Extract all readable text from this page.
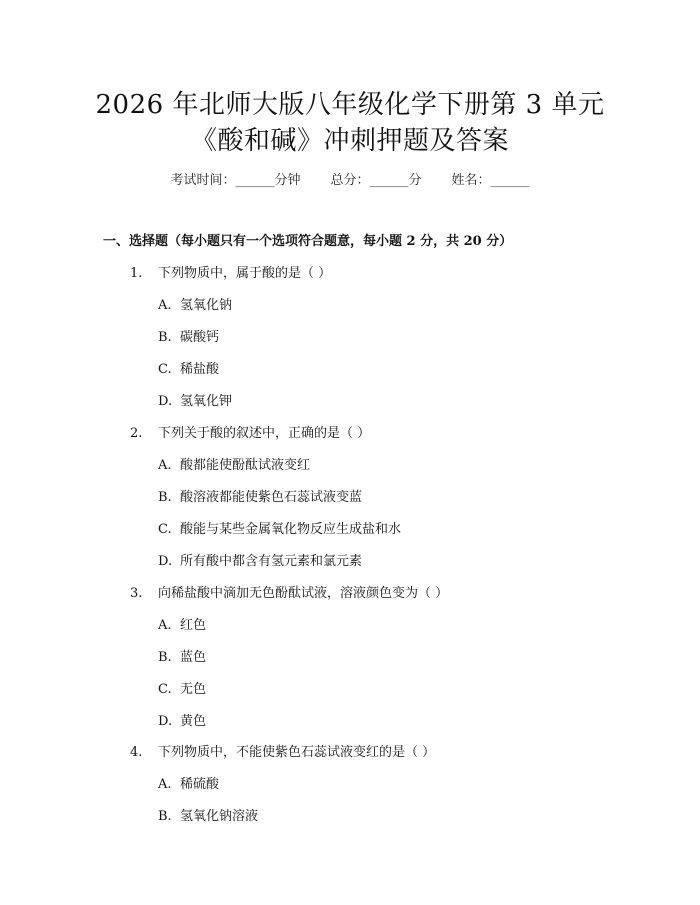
2026 年北师大版八年级化学下册第 3 单元
《酸和碱》冲刺押题及答案
考试时间：______分钟 总分：______分 姓名：______
一、选择题（每小题只有一个选项符合题意，每小题 2 分，共 20 分）
1. 下列物质中，属于酸的是（ ）
A. 氢氧化钠
B. 碳酸钙
C. 稀盐酸
D. 氢氧化钾
2. 下列关于酸的叙述中，正确的是（ ）
A. 酸都能使酚酞试液变红
B. 酸溶液都能使紫色石蕊试液变蓝
C. 酸能与某些金属氧化物反应生成盐和水
D. 所有酸中都含有氢元素和氯元素
3. 向稀盐酸中滴加无色酚酞试液，溶液颜色变为（ ）
A. 红色
B. 蓝色
C. 无色
D. 黄色
4. 下列物质中，不能使紫色石蕊试液变红的是（ ）
A. 稀硫酸
B. 氢氧化钠溶液
